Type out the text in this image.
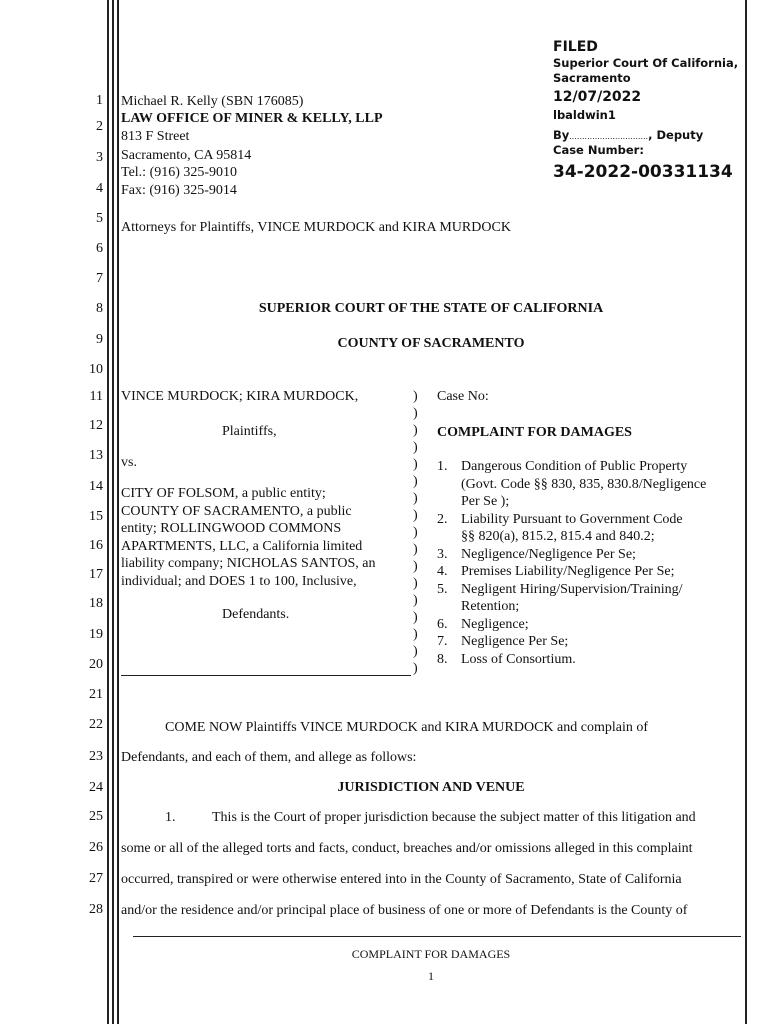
1
2
3
4
5
6
7
8
9
10
11
12
13
14
15
16
17
18
19
20
21
22
23
24
25
26
27
28
FILED
Superior Court Of California,
Sacramento
12/07/2022
lbaldwin1
By..............................., Deputy
Case Number:
34-2022-00331134
Michael R. Kelly (SBN 176085)
LAW OFFICE OF MINER & KELLY, LLP
813 F Street
Sacramento, CA 95814
Tel.: (916) 325-9010
Fax: (916) 325-9014
Attorneys for Plaintiffs, VINCE MURDOCK and KIRA MURDOCK
SUPERIOR COURT OF THE STATE OF CALIFORNIA
COUNTY OF SACRAMENTO
VINCE MURDOCK; KIRA MURDOCK,
Plaintiffs,
vs.
CITY OF FOLSOM, a public entity;
COUNTY OF SACRAMENTO, a public
entity; ROLLINGWOOD COMMONS
APARTMENTS, LLC, a California limited
liability company; NICHOLAS SANTOS, an
individual; and DOES 1 to 100, Inclusive,
Defendants.
)
)
)
)
)
)
)
)
)
)
)
)
)
)
)
)
)
Case No:
COMPLAINT FOR DAMAGES
1. Dangerous Condition of Public Property
(Govt. Code §§ 830, 835, 830.8/Negligence
Per Se );
2. Liability Pursuant to Government Code
§§ 820(a), 815.2, 815.4 and 840.2;
3. Negligence/Negligence Per Se;
4. Premises Liability/Negligence Per Se;
5. Negligent Hiring/Supervision/Training/
Retention;
6. Negligence;
7. Negligence Per Se;
8. Loss of Consortium.
COME NOW Plaintiffs VINCE MURDOCK and KIRA MURDOCK and complain of
Defendants, and each of them, and allege as follows:
JURISDICTION AND VENUE
1.	This is the Court of proper jurisdiction because the subject matter of this litigation and
some or all of the alleged torts and facts, conduct, breaches and/or omissions alleged in this complaint
occurred, transpired or were otherwise entered into in the County of Sacramento, State of California
and/or the residence and/or principal place of business of one or more of Defendants is the County of
COMPLAINT FOR DAMAGES
1
